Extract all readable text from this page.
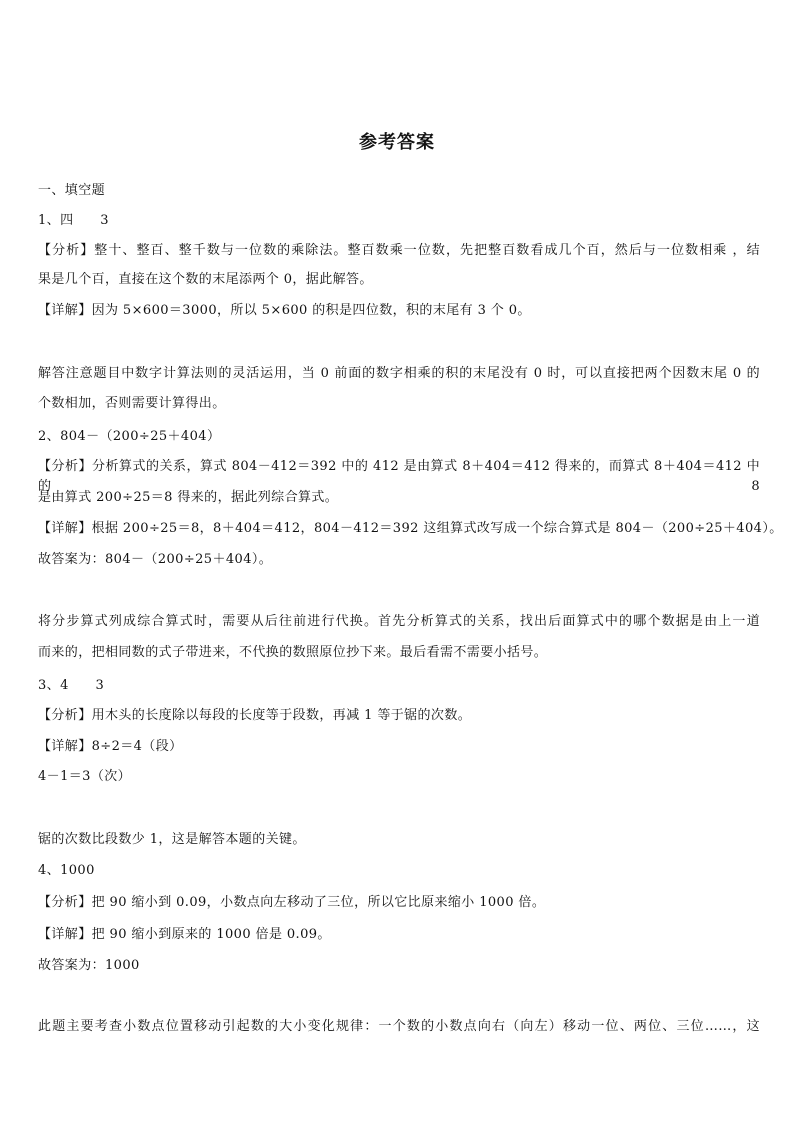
参考答案
一、填空题
1、四　　3
【分析】整十、整百、整千数与一位数的乘除法。整百数乘一位数，先把整百数看成几个百，然后与一位数相乘 ，结
果是几个百，直接在这个数的末尾添两个 0，据此解答。
【详解】因为 5×600＝3000，所以 5×600 的积是四位数，积的末尾有 3 个 0。
解答注意题目中数字计算法则的灵活运用，当 0 前面的数字相乘的积的末尾没有 0 时，可以直接把两个因数末尾 0 的
个数相加，否则需要计算得出。
2、804－（200÷25＋404）
【分析】分析算式的关系，算式 804－412＝392 中的 412 是由算式 8＋404＝412 得来的，而算式 8＋404＝412 中的 8
是由算式 200÷25＝8 得来的，据此列综合算式。
【详解】根据 200÷25＝8，8＋404＝412，804－412＝392 这组算式改写成一个综合算式是 804－（200÷25＋404）。
故答案为：804－（200÷25＋404）。
将分步算式列成综合算式时，需要从后往前进行代换。首先分析算式的关系，找出后面算式中的哪个数据是由上一道
而来的，把相同数的式子带进来，不代换的数照原位抄下来。最后看需不需要小括号。
3、4　　3
【分析】用木头的长度除以每段的长度等于段数，再减 1 等于锯的次数。
【详解】8÷2＝4（段）
4－1＝3（次）
锯的次数比段数少 1，这是解答本题的关键。
4、1000
【分析】把 90 缩小到 0.09，小数点向左移动了三位，所以它比原来缩小 1000 倍。
【详解】把 90 缩小到原来的 1000 倍是 0.09。
故答案为：1000
此题主要考查小数点位置移动引起数的大小变化规律：一个数的小数点向右（向左）移动一位、两位、三位……，这
